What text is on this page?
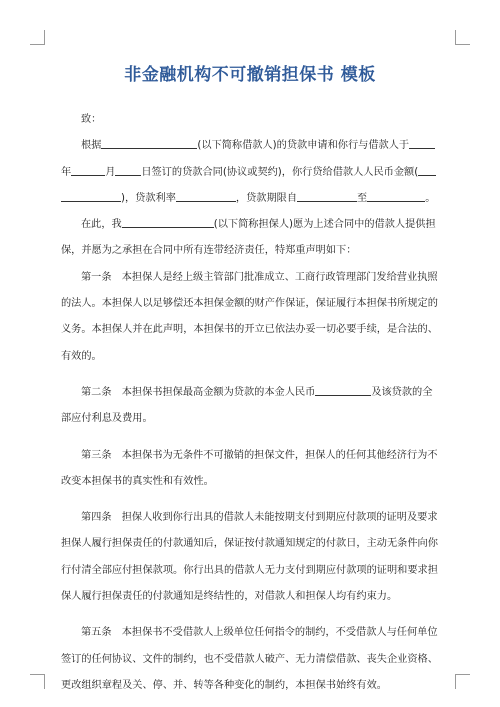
非金融机构不可撤销担保书 模板

致：

根据	(以下简称借款人)的贷款申请和你行与借款人于

年	月	日签订的贷款合同(协议或契约)，你行贷给借款人人民币金额(

)，贷款利率	，贷款期限自	至	。

在此，我	(以下简称担保人)愿为上述合同中的借款人提供担

保，并愿为之承担在合同中所有连带经济责任，特郑重声明如下：

第一条　本担保人是经上级主管部门批准成立、工商行政管理部门发给营业执照

的法人。本担保人以足够偿还本担保金额的财产作保证，保证履行本担保书所规定的

义务。本担保人并在此声明，本担保书的开立已依法办妥一切必要手续，是合法的、

有效的。

第二条　本担保书担保最高金额为贷款的本金人民币	及该贷款的全

部应付利息及费用。

第三条　本担保书为无条件不可撤销的担保文件，担保人的任何其他经济行为不

改变本担保书的真实性和有效性。

第四条　担保人收到你行出具的借款人未能按期支付到期应付款项的证明及要求

担保人履行担保责任的付款通知后，保证按付款通知规定的付款日，主动无条件向你

行付清全部应付担保款项。你行出具的借款人无力支付到期应付款项的证明和要求担

保人履行担保责任的付款通知是终结性的，对借款人和担保人均有约束力。

第五条　本担保书不受借款人上级单位任何指令的制约，不受借款人与任何单位

签订的任何协议、文件的制约，也不受借款人破产、无力清偿借款、丧失企业资格、

更改组织章程及关、停、并、转等各种变化的制约，本担保书始终有效。
